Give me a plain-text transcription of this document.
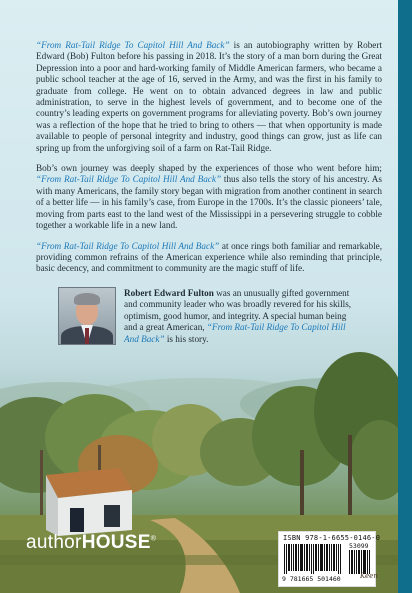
“From Rat-Tail Ridge To Capitol Hill And Back” is an autobiography written by Robert Edward (Bob) Fulton before his passing in 2018. It’s the story of a man born during the Great Depression into a poor and hard-working family of Middle American farmers, who became a public school teacher at the age of 16, served in the Army, and was the first in his family to graduate from college. He went on to obtain advanced degrees in law and public administration, to serve in the highest levels of government, and to become one of the country’s leading experts on government programs for alleviating poverty. Bob’s own journey was a reflection of the hope that he tried to bring to others — that when opportunity is made available to people of personal integrity and industry, good things can grow, just as life can spring up from the unforgiving soil of a farm on Rat-Tail Ridge.

Bob’s own journey was deeply shaped by the experiences of those who went before him; “From Rat-Tail Ridge To Capitol Hill And Back” thus also tells the story of his ancestry. As with many Americans, the family story began with migration from another continent in search of a better life — in his family’s case, from Europe in the 1700s. It’s the classic pioneers’ tale, moving from parts east to the land west of the Mississippi in a persevering struggle to cobble together a workable life in a new land.

“From Rat-Tail Ridge To Capitol Hill And Back” at once rings both familiar and remarkable, providing common refrains of the American experience while also reminding that principle, basic decency, and commitment to community are the magic stuff of life.

Robert Edward Fulton was an unusually gifted government and community leader who was broadly revered for his skills, optimism, good humor, and integrity. A special human being and a great American, “From Rat-Tail Ridge To Capitol Hill And Back” is his story.
authorHOUSE®	ISBN 978-1-6655-0146-0
53099
9 781665 501460	Keen
